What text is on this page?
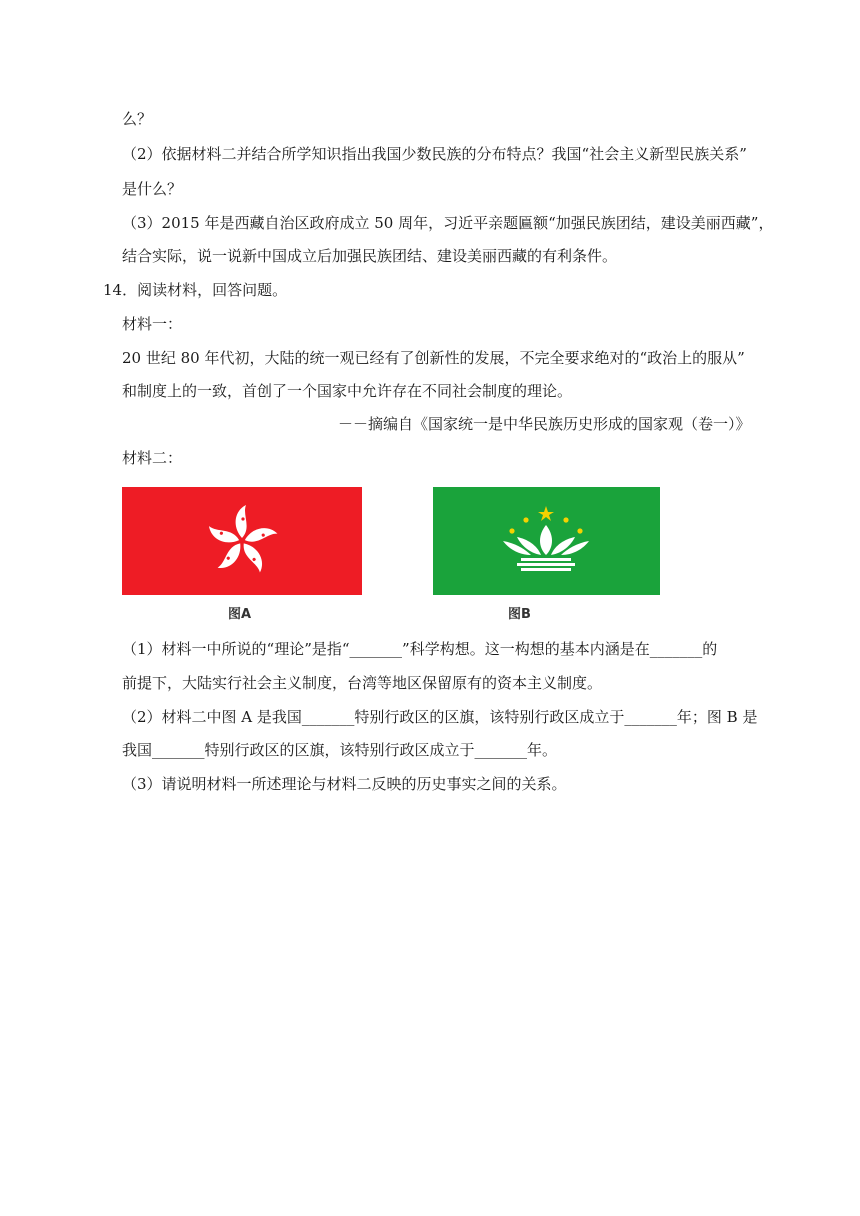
么？
（2）依据材料二并结合所学知识指出我国少数民族的分布特点？我国“社会主义新型民族关系”
是什么？
（3）2015 年是西藏自治区政府成立 50 周年，习近平亲题匾额“加强民族团结，建设美丽西藏”，
结合实际，说一说新中国成立后加强民族团结、建设美丽西藏的有利条件。
14．阅读材料，回答问题。
材料一：
20 世纪 80 年代初，大陆的统一观已经有了创新性的发展，不完全要求绝对的“政治上的服从”
和制度上的一致，首创了一个国家中允许存在不同社会制度的理论。
－－摘编自《国家统一是中华民族历史形成的国家观（卷一）》
材料二：
图A	图B
（1）材料一中所说的“理论”是指“_______”科学构想。这一构想的基本内涵是在_______的
前提下，大陆实行社会主义制度，台湾等地区保留原有的资本主义制度。
（2）材料二中图 A 是我国_______特别行政区的区旗，该特别行政区成立于_______年；图 B 是
我国_______特别行政区的区旗，该特别行政区成立于_______年。
（3）请说明材料一所述理论与材料二反映的历史事实之间的关系。
